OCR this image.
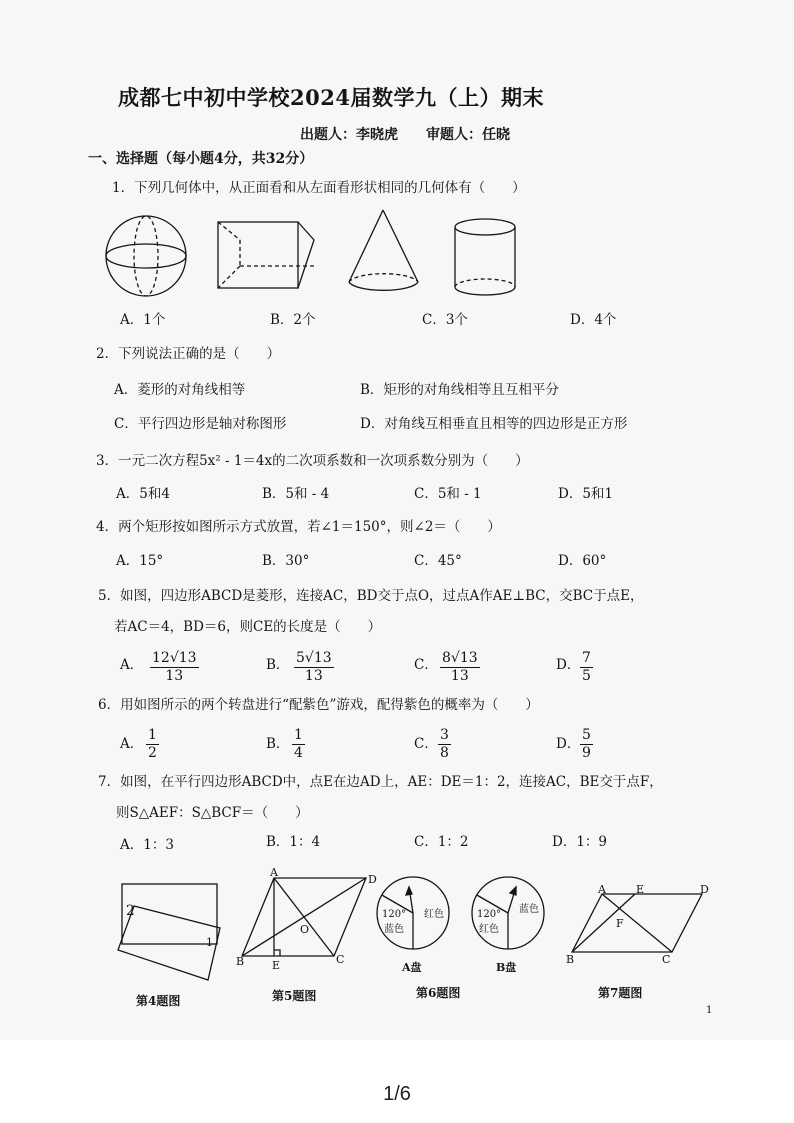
成都七中初中学校2024届数学九（上）期末
出题人：李晓虎　　审题人：任晓
一、选择题（每小题4分，共32分）
1．下列几何体中，从正面看和从左面看形状相同的几何体有（　　）
A．1个	B．2个	C．3个	D．4个
2．下列说法正确的是（　　）
A．菱形的对角线相等	B．矩形的对角线相等且互相平分
C．平行四边形是轴对称图形	D．对角线互相垂直且相等的四边形是正方形
3．一元二次方程5x² - 1＝4x的二次项系数和一次项系数分别为（　　）
A．5和4	B．5和 - 4	C．5和 - 1	D．5和1
4．两个矩形按如图所示方式放置，若∠1＝150°，则∠2＝（　　）
A．15°	B．30°	C．45°	D．60°
5．如图，四边形ABCD是菱形，连接AC，BD交于点O，过点A作AE⊥BC，交BC于点E，
若AC＝4，BD＝6，则CE的长度是（　　）
A． $\frac{12√13}{13}$	B． $\frac{5√13}{13}$	C． $\frac{8√13}{13}$	D． $\frac{7}{5}$
6．用如图所示的两个转盘进行“配紫色”游戏，配得紫色的概率为（　　）
A． $\frac{1}{2}$	B． $\frac{1}{4}$	C． $\frac{3}{8}$	D． $\frac{5}{9}$
7．如图，在平行四边形ABCD中，点E在边AD上，AE：DE＝1：2，连接AC，BE交于点F，
则S△AEF：S△BCF＝（　　）
A．1：3	B．1：4	C．1：2	D．1：9
2
1
第4题图
A
D
O
B	E	C
第5题图
120°
蓝色
红色
A盘
120°
红色
蓝色
B盘
第6题图
A	E	D
F
B	C
第7题图
1
1/6
